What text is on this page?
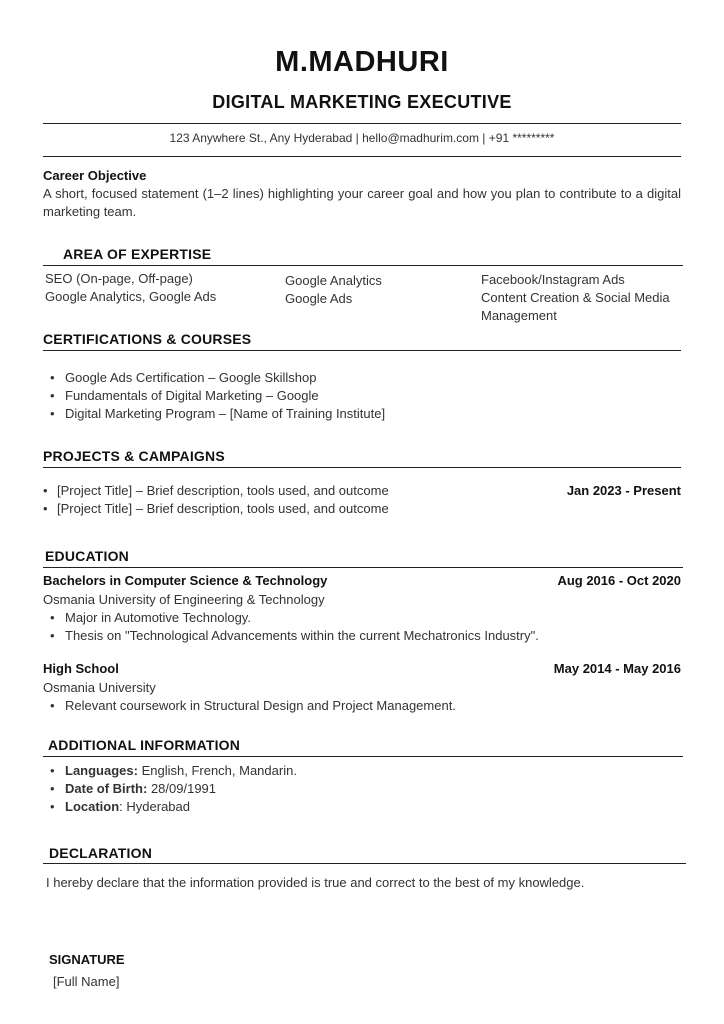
M.MADHURI
DIGITAL MARKETING EXECUTIVE
123 Anywhere St., Any Hyderabad | hello@madhurim.com | +91 *********
Career Objective
A short, focused statement (1–2 lines) highlighting your career goal and how you plan to contribute to a digital marketing team.
AREA OF EXPERTISE
SEO (On-page, Off-page)
Google Analytics, Google Ads
Google Analytics
Google Ads
Facebook/Instagram Ads
Content Creation & Social Media Management
CERTIFICATIONS & COURSES
• Google Ads Certification – Google Skillshop
• Fundamentals of Digital Marketing – Google
• Digital Marketing Program – [Name of Training Institute]
PROJECTS & CAMPAIGNS
• [Project Title] – Brief description, tools used, and outcome
• [Project Title] – Brief description, tools used, and outcome
Jan 2023 - Present
EDUCATION
Bachelors in Computer Science & Technology	Aug 2016 - Oct 2020
Osmania University of Engineering & Technology
• Major in Automotive Technology.
• Thesis on "Technological Advancements within the current Mechatronics Industry".
High School	May 2014 - May 2016
Osmania University
• Relevant coursework in Structural Design and Project Management.
ADDITIONAL INFORMATION
• Languages: English, French, Mandarin.
• Date of Birth: 28/09/1991
• Location: Hyderabad
DECLARATION
I hereby declare that the information provided is true and correct to the best of my knowledge.
SIGNATURE
[Full Name]
